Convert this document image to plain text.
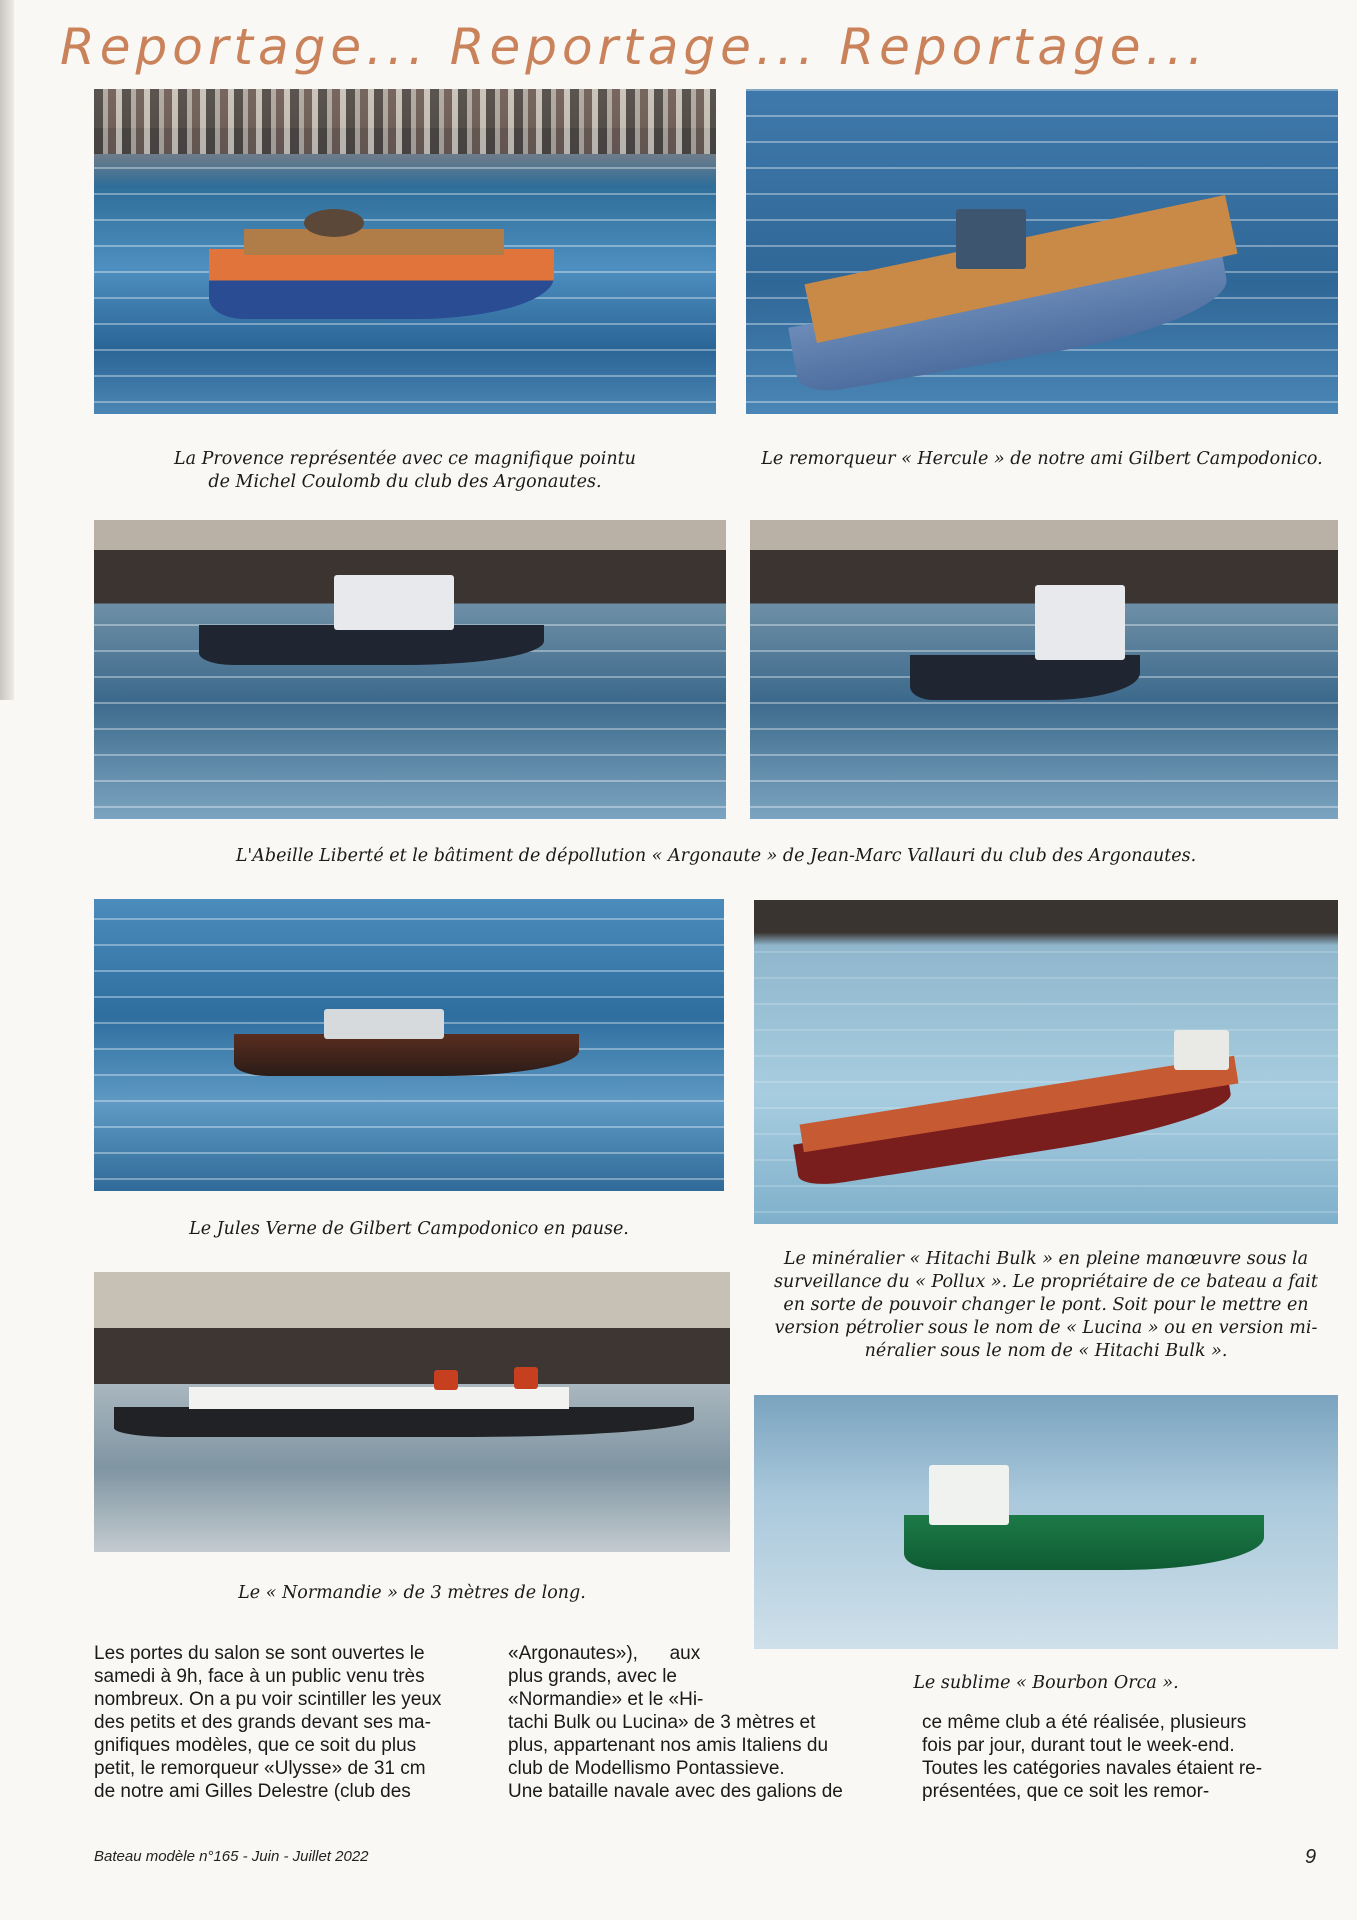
Reportage... Reportage... Reportage...
La Provence représentée avec ce magnifique pointu
de Michel Coulomb du club des Argonautes.
Le remorqueur « Hercule » de notre ami Gilbert Campodonico.
L'Abeille Liberté et le bâtiment de dépollution « Argonaute » de Jean-Marc Vallauri du club des Argonautes.
Le Jules Verne de Gilbert Campodonico en pause.
Le minéralier « Hitachi Bulk » en pleine manœuvre sous la
surveillance du « Pollux ». Le propriétaire de ce bateau a fait
en sorte de pouvoir changer le pont. Soit pour le mettre en
version pétrolier sous le nom de « Lucina » ou en version mi-
néralier sous le nom de « Hitachi Bulk ».
Le « Normandie » de 3 mètres de long.
Le sublime « Bourbon Orca ».
Les portes du salon se sont ouvertes le
samedi à 9h, face à un public venu très
nombreux. On a pu voir scintiller les yeux
des petits et des grands devant ses ma-
gnifiques modèles, que ce soit du plus
petit, le remorqueur «Ulysse» de 31 cm
de notre ami Gilles Delestre (club des
«Argonautes»),      aux
plus grands, avec le
«Normandie» et le «Hi-
tachi Bulk ou Lucina» de 3 mètres et
plus, appartenant nos amis Italiens du
club de Modellismo Pontassieve.
Une bataille navale avec des galions de
ce même club a été réalisée, plusieurs
fois par jour, durant tout le week-end.
Toutes les catégories navales étaient re-
présentées, que ce soit les remor-
Bateau modèle n°165 - Juin - Juillet 2022	9
